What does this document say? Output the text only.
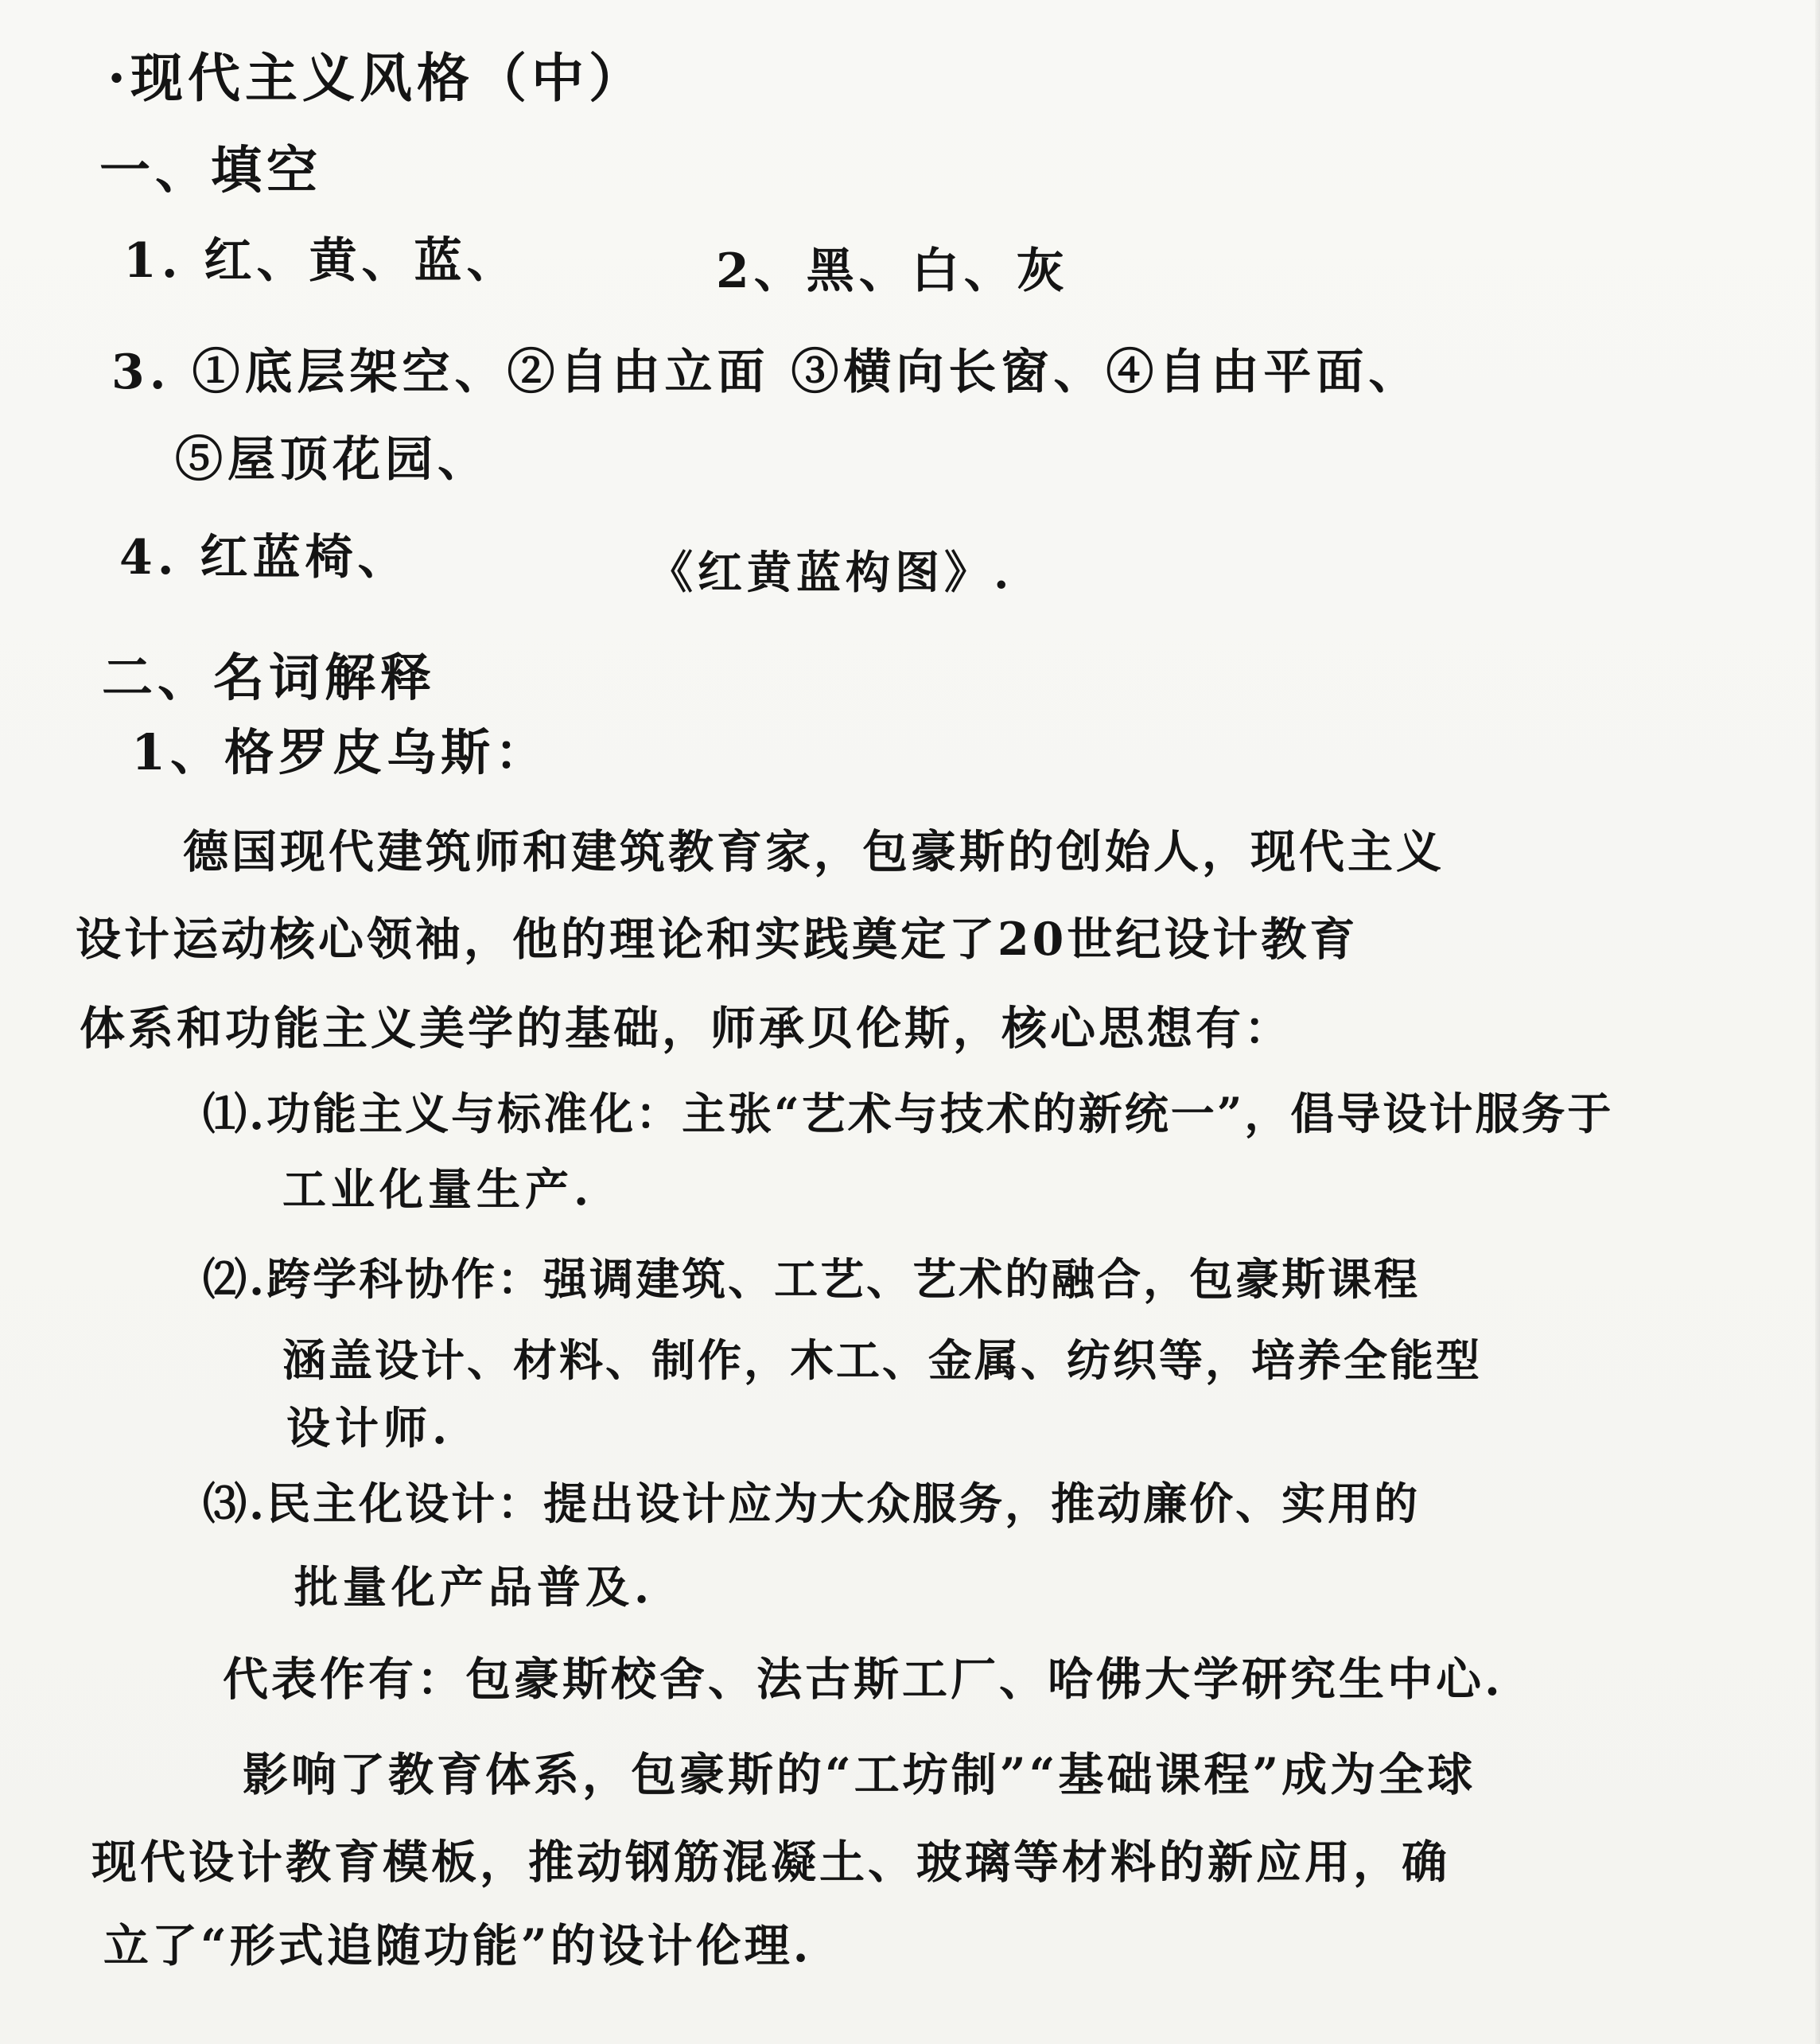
·现代主义风格（中）
一、填空
1. 红、黄、蓝、	2、黑、白、灰
3. ①底层架空、②自由立面 ③横向长窗、④自由平面、
⑤屋顶花园、
4. 红蓝椅、	《红黄蓝构图》.
二、名词解释
1、格罗皮乌斯：
德国现代建筑师和建筑教育家，包豪斯的创始人，现代主义
设计运动核心领袖，他的理论和实践奠定了20世纪设计教育
体系和功能主义美学的基础，师承贝伦斯，核心思想有：
⑴.功能主义与标准化：主张“艺术与技术的新统一”，倡导设计服务于
工业化量生产.
⑵.跨学科协作：强调建筑、工艺、艺术的融合，包豪斯课程
涵盖设计、材料、制作，木工、金属、纺织等，培养全能型
设计师.
⑶.民主化设计：提出设计应为大众服务，推动廉价、实用的
批量化产品普及.
代表作有：包豪斯校舍、法古斯工厂、哈佛大学研究生中心.
影响了教育体系，包豪斯的“工坊制”“基础课程”成为全球
现代设计教育模板，推动钢筋混凝土、玻璃等材料的新应用，确
立了“形式追随功能”的设计伦理.
